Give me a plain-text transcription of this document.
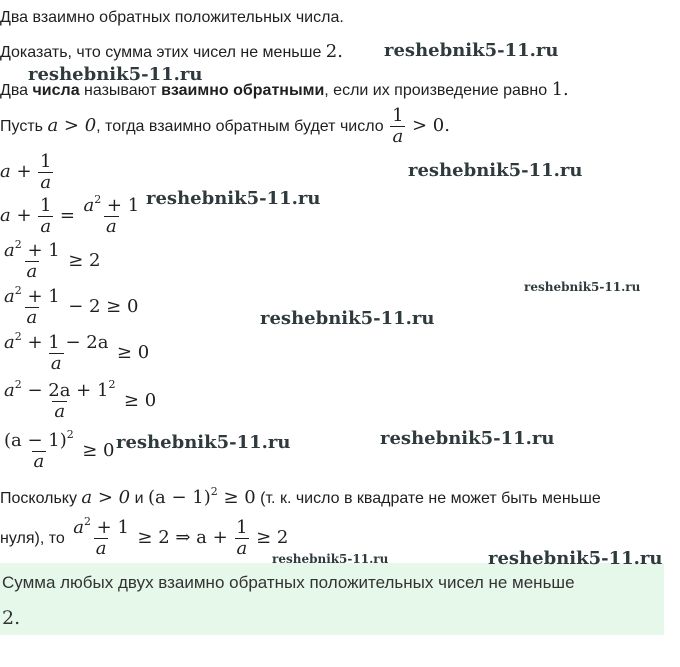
Два взаимно обратных положительных числа.
Доказать, что сумма этих чисел не меньше 2.
Два числа называют взаимно обратными, если их произведение равно 1.
Пусть a > 0, тогда взаимно обратным будет число $\frac{1}{a} > 0$.
$a + \frac{1}{a}$
$a + \frac{1}{a} = \frac{a^2 + 1}{a}$
$\frac{a^2 + 1}{a} \ge 2$
$\frac{a^2 + 1}{a} - 2 \ge 0$
$\frac{a^2 + 1 - 2a}{a} \ge 0$
$\frac{a^2 - 2a + 1^2}{a} \ge 0$
$\frac{(a - 1)^2}{a} \ge 0$
Поскольку a > 0 и $(a - 1)^2 \ge 0$ (т. к. число в квадрате не может быть меньше
нуля), то $\frac{a^2 + 1}{a} \ge 2$ ⇒ $a + \frac{1}{a} \ge 2$
Сумма любых двух взаимно обратных положительных чисел не меньше
2.
reshebnik5-11.ru
reshebnik5-11.ru
reshebnik5-11.ru
reshebnik5-11.ru
reshebnik5-11.ru
reshebnik5-11.ru
reshebnik5-11.ru	reshebnik5-11.ru
reshebnik5-11.ru	reshebnik5-11.ru
